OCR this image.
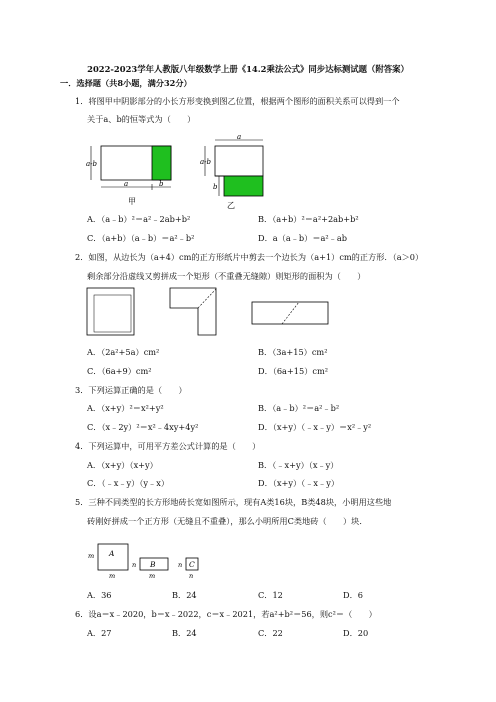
2022-2023学年人教版八年级数学上册《14.2乘法公式》同步达标测试题（附答案）
一．选择题（共8小题，满分32分）
1．将图甲中阴影部分的小长方形变换到图乙位置，根据两个图形的面积关系可以得到一个
关于a、b的恒等式为（　　）
a-b
a	b
甲
a
a-b
b
乙
A．（a﹣b）²＝a²﹣2ab+b²	B．（a+b）²＝a²+2ab+b²
C．（a+b）（a﹣b）＝a²﹣b²	D．a（a﹣b）＝a²﹣ab
2．如图，从边长为（a+4）cm的正方形纸片中剪去一个边长为（a+1）cm的正方形．（a＞0）
剩余部分沿虚线又剪拼成一个矩形（不重叠无缝隙）则矩形的面积为（　　）
A．（2a²+5a）cm²	B．（3a+15）cm²
C．（6a+9）cm²	D．（6a+15）cm²
3．下列运算正确的是（　　）
A．（x+y）²＝x²+y²	B．（a﹣b）²＝a²﹣b²
C．（x﹣2y）²＝x²﹣4xy+4y²	D．（x+y）（﹣x﹣y）＝x²﹣y²
4．下列运算中，可用平方差公式计算的是（　　）
A．（x+y）（x+y）	B．（﹣x+y）（x﹣y）
C．（﹣x﹣y）（y﹣x）	D．（x+y）（﹣x﹣y）
5．三种不同类型的长方形地砖长宽如图所示，现有A类16块，B类48块，小明用这些地
砖刚好拼成一个正方形（无缝且不重叠），那么小明所用C类地砖（　　）块．
A
m
m
B
n
m
C
n
n
A．36	B．24	C．12	D．6
6．设a＝x﹣2020，b＝x﹣2022，c＝x﹣2021，若a²+b²＝56，则c²＝（　　）
A．27	B．24	C．22	D．20
